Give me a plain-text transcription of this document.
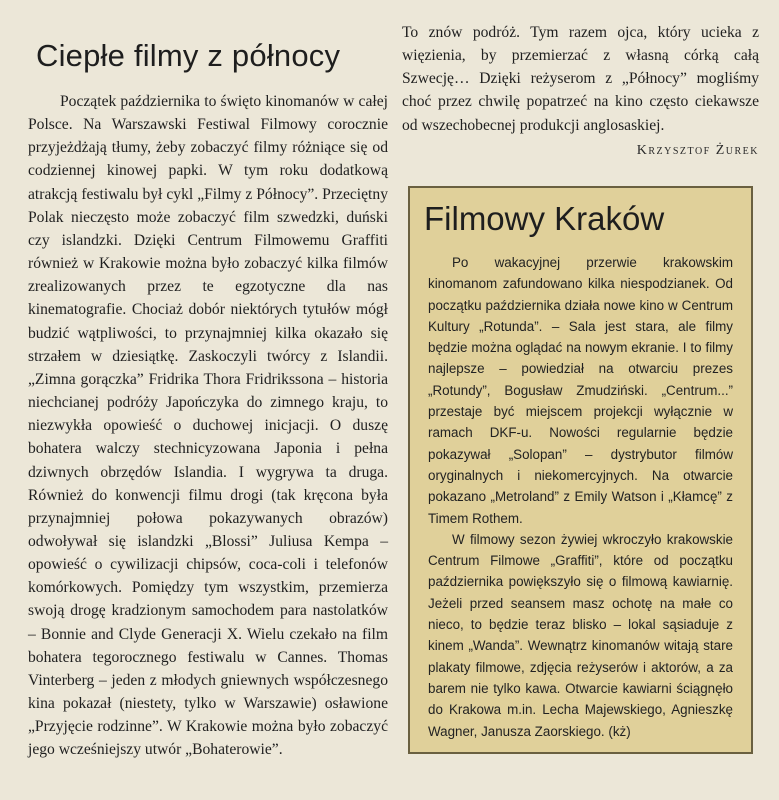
Ciepłe filmy z północy

Początek października to święto kinomanów w całej Polsce. Na Warszawski Festiwal Filmowy corocznie przyjeżdżają tłumy, żeby zobaczyć filmy różniące się od codziennej kinowej papki. W tym roku dodatkową atrakcją festiwalu był cykl „Filmy z Północy”. Przeciętny Polak nieczęsto może zobaczyć film szwedzki, duński czy islandzki. Dzięki Centrum Filmowemu Graffiti również w Krakowie można było zobaczyć kilka filmów zrealizowanych przez te egzotyczne dla nas kinematografie. Chociaż dobór niektórych tytułów mógł budzić wątpliwości, to przynajmniej kilka okazało się strzałem w dziesiątkę. Zaskoczyli twórcy z Islandii. „Zimna gorączka” Fridrika Thora Fridrikssona – historia niechcianej podróży Japończyka do zimnego kraju, to niezwykła opowieść o duchowej inicjacji. O duszę bohatera walczy stechnicyzowana Japonia i pełna dziwnych obrzędów Islandia. I wygrywa ta druga. Również do konwencji filmu drogi (tak kręcona była przynajmniej połowa pokazywanych obrazów) odwoływał się islandzki „Blossi” Juliusa Kempa – opowieść o cywilizacji chipsów, coca-coli i telefonów komórkowych. Pomiędzy tym wszystkim, przemierza swoją drogę kradzionym samochodem para nastolatków – Bonnie and Clyde Generacji X. Wielu czekało na film bohatera tegorocznego festiwalu w Cannes. Thomas Vinterberg – jeden z młodych gniewnych współczesnego kina pokazał (niestety, tylko w Warszawie) osławione „Przyjęcie rodzinne”. W Krakowie można było zobaczyć jego wcześniejszy utwór „Bohaterowie”.

To znów podróż. Tym razem ojca, który ucieka z więzienia, by przemierzać z własną córką całą Szwecję… Dzięki reżyserom z „Północy” mogliśmy choć przez chwilę popatrzeć na kino często ciekawsze od wszechobecnej produkcji anglosaskiej.

Krzysztof Żurek
Filmowy Kraków

Po wakacyjnej przerwie krakowskim kinomanom zafundowano kilka niespodzianek. Od początku października działa nowe kino w Centrum Kultury „Rotunda”. – Sala jest stara, ale filmy będzie można oglądać na nowym ekranie. I to filmy najlepsze – powiedział na otwarciu prezes „Rotundy”, Bogusław Zmudziński. „Centrum...” przestaje być miejscem projekcji wyłącznie w ramach DKF-u. Nowości regularnie będzie pokazywał „Solopan” – dystrybutor filmów oryginalnych i niekomercyjnych. Na otwarcie pokazano „Metroland” z Emily Watson i „Kłamcę” z Timem Rothem.
W filmowy sezon żywiej wkroczyło krakowskie Centrum Filmowe „Graffiti”, które od początku października powiększyło się o filmową kawiarnię. Jeżeli przed seansem masz ochotę na małe co nieco, to będzie teraz blisko – lokal sąsiaduje z kinem „Wanda”. Wewnątrz kinomanów witają stare plakaty filmowe, zdjęcia reżyserów i aktorów, a za barem nie tylko kawa. Otwarcie kawiarni ściągnęło do Krakowa m.in. Lecha Majewskiego, Agnieszkę Wagner, Janusza Zaorskiego. (kż)
